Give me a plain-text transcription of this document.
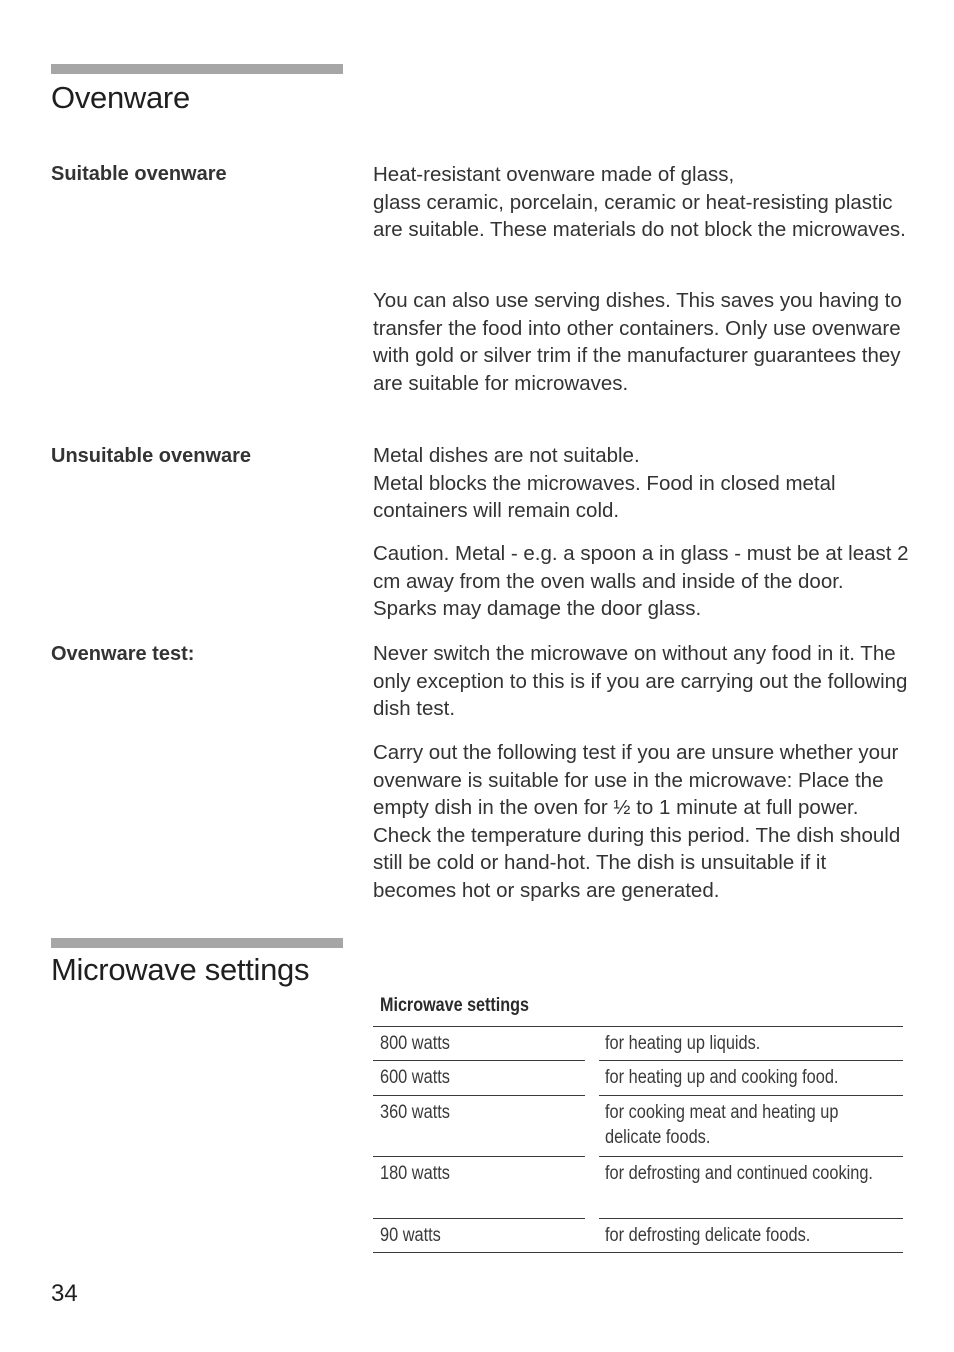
Ovenware
Suitable ovenware	Heat-resistant ovenware made of glass,
glass ceramic, porcelain, ceramic or heat-resisting plastic are suitable. These materials do not block the microwaves.

You can also use serving dishes. This saves you having to transfer the food into other containers. Only use ovenware with gold or silver trim if the manufacturer guarantees they are suitable for microwaves.

Unsuitable ovenware	Metal dishes are not suitable.
Metal blocks the microwaves. Food in closed metal containers will remain cold.

Caution. Metal - e.g. a spoon a in glass - must be at least 2 cm away from the oven walls and inside of the door. Sparks may damage the door glass.

Ovenware test:	Never switch the microwave on without any food in it. The only exception to this is if you are carrying out the following dish test.

Carry out the following test if you are unsure whether your ovenware is suitable for use in the microwave: Place the empty dish in the oven for ½ to 1 minute at full power. Check the temperature during this period. The dish should still be cold or hand-hot. The dish is unsuitable if it becomes hot or sparks are generated.

Microwave settings
Microwave settings
800 watts	for heating up liquids.
600 watts	for heating up and cooking food.
360 watts	for cooking meat and heating up delicate foods.
180 watts	for defrosting and continued cooking.
90 watts	for defrosting delicate foods.
34
